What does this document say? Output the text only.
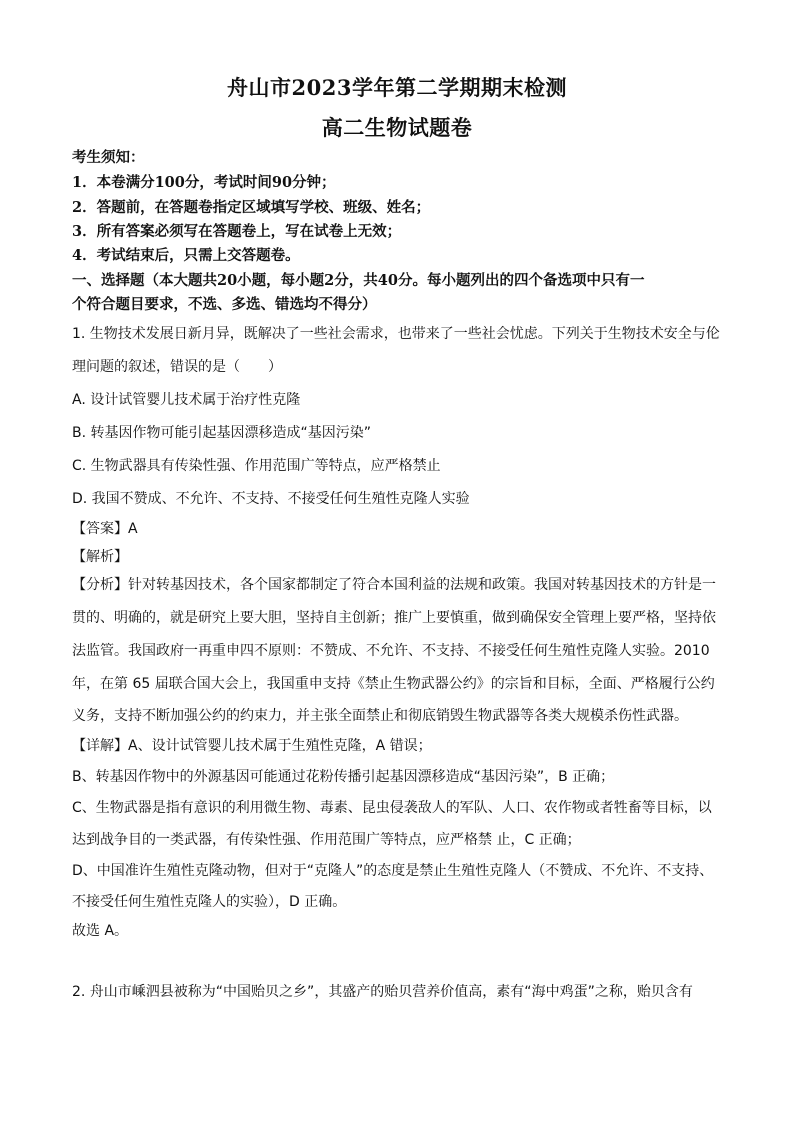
舟山市2023学年第二学期期末检测
高二生物试题卷
考生须知：
1．本卷满分100分，考试时间90分钟；
2．答题前，在答题卷指定区域填写学校、班级、姓名；
3．所有答案必须写在答题卷上，写在试卷上无效；
4．考试结束后，只需上交答题卷。
一、选择题（本大题共20小题，每小题2分，共40分。每小题列出的四个备选项中只有一
个符合题目要求，不选、多选、错选均不得分）
1. 生物技术发展日新月异，既解决了一些社会需求，也带来了一些社会忧虑。下列关于生物技术安全与伦
理问题的叙述，错误的是（　　）
A. 设计试管婴儿技术属于治疗性克隆
B. 转基因作物可能引起基因漂移造成“基因污染”
C. 生物武器具有传染性强、作用范围广等特点，应严格禁止
D. 我国不赞成、不允许、不支持、不接受任何生殖性克隆人实验
【答案】A
【解析】
【分析】针对转基因技术，各个国家都制定了符合本国利益的法规和政策。我国对转基因技术的方针是一
贯的、明确的，就是研究上要大胆，坚持自主创新；推广上要慎重，做到确保安全管理上要严格，坚持依
法监管。我国政府一再重申四不原则：不赞成、不允许、不支持、不接受任何生殖性克隆人实验。2010
年，在第 65 届联合国大会上，我国重申支持《禁止生物武器公约》的宗旨和目标，全面、严格履行公约
义务，支持不断加强公约的约束力，并主张全面禁止和彻底销毁生物武器等各类大规模杀伤性武器。
【详解】A、设计试管婴儿技术属于生殖性克隆，A 错误；
B、转基因作物中的外源基因可能通过花粉传播引起基因漂移造成“基因污染”，B 正确；
C、生物武器是指有意识的利用微生物、毒素、昆虫侵袭敌人的军队、人口、农作物或者牲畜等目标，以
达到战争目的一类武器，有传染性强、作用范围广等特点，应严格禁 止，C 正确；
D、中国准许生殖性克隆动物，但对于“克隆人”的态度是禁止生殖性克隆人（不赞成、不允许、不支持、
不接受任何生殖性克隆人的实验），D 正确。
故选 A。
2. 舟山市嵊泗县被称为“中国贻贝之乡”，其盛产的贻贝营养价值高，素有“海中鸡蛋”之称，贻贝含有
